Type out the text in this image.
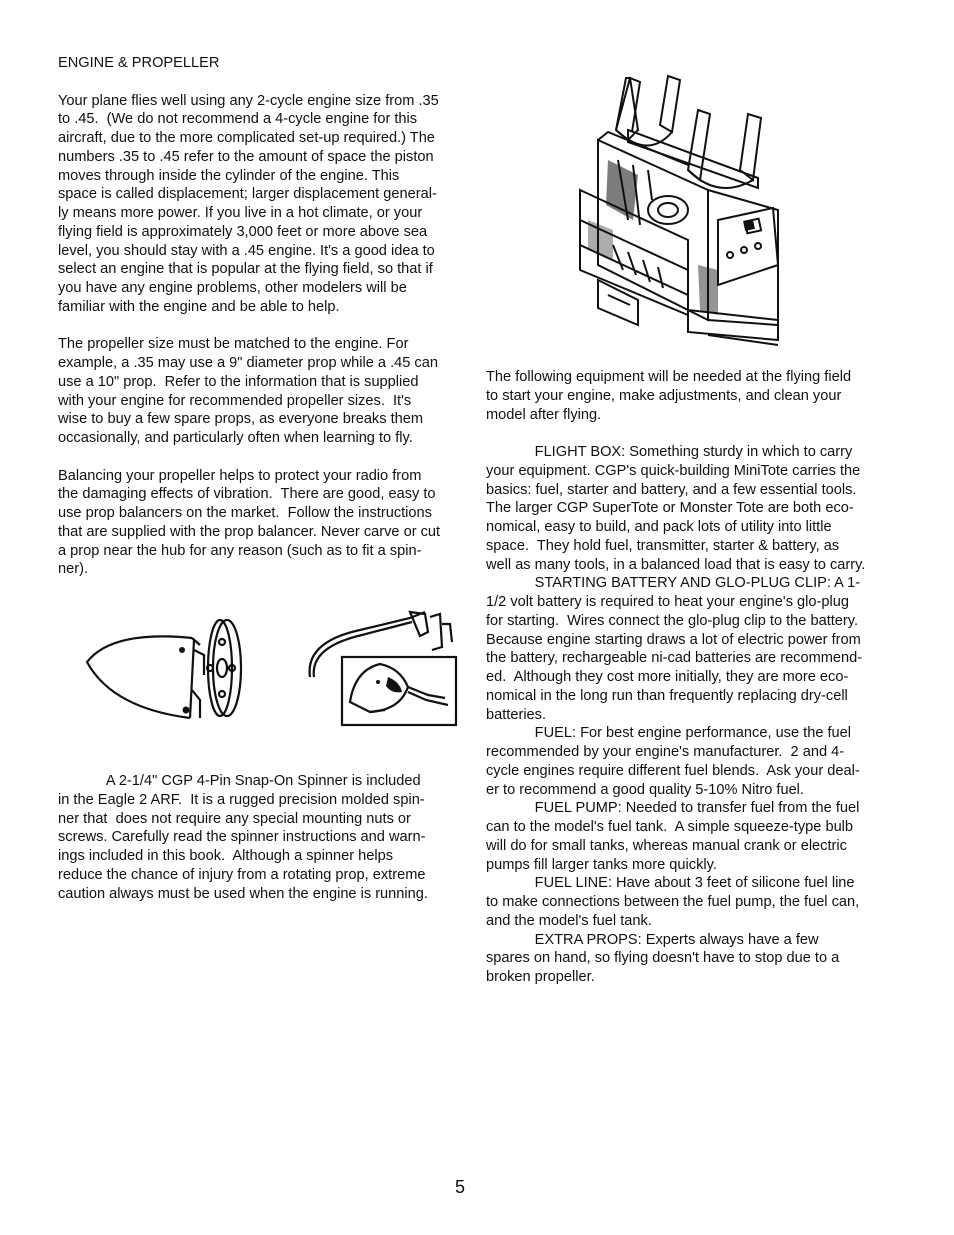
ENGINE & PROPELLER
Your plane flies well using any 2-cycle engine size from .35
to .45.  (We do not recommend a 4-cycle engine for this
aircraft, due to the more complicated set-up required.) The
numbers .35 to .45 refer to the amount of space the piston
moves through inside the cylinder of the engine. This
space is called displacement; larger displacement general-
ly means more power. If you live in a hot climate, or your
flying field is approximately 3,000 feet or more above sea
level, you should stay with a .45 engine. It's a good idea to
select an engine that is popular at the flying field, so that if
you have any engine problems, other modelers will be
familiar with the engine and be able to help.
The propeller size must be matched to the engine. For
example, a .35 may use a 9" diameter prop while a .45 can
use a 10" prop.  Refer to the information that is supplied
with your engine for recommended propeller sizes.  It's
wise to buy a few spare props, as everyone breaks them
occasionally, and particularly often when learning to fly.
Balancing your propeller helps to protect your radio from
the damaging effects of vibration.  There are good, easy to
use prop balancers on the market.  Follow the instructions
that are supplied with the prop balancer. Never carve or cut
a prop near the hub for any reason (such as to fit a spin-
ner).
A 2-1/4" CGP 4-Pin Snap-On Spinner is included
in the Eagle 2 ARF.  It is a rugged precision molded spin-
ner that  does not require any special mounting nuts or
screws. Carefully read the spinner instructions and warn-
ings included in this book.  Although a spinner helps
reduce the chance of injury from a rotating prop, extreme
caution always must be used when the engine is running.
The following equipment will be needed at the flying field
to start your engine, make adjustments, and clean your
model after flying.
FLIGHT BOX: Something sturdy in which to carry
your equipment. CGP's quick-building MiniTote carries the
basics: fuel, starter and battery, and a few essential tools.
The larger CGP SuperTote or Monster Tote are both eco-
nomical, easy to build, and pack lots of utility into little
space.  They hold fuel, transmitter, starter & battery, as
well as many tools, in a balanced load that is easy to carry.
STARTING BATTERY AND GLO-PLUG CLIP: A 1-
1/2 volt battery is required to heat your engine's glo-plug
for starting.  Wires connect the glo-plug clip to the battery.
Because engine starting draws a lot of electric power from
the battery, rechargeable ni-cad batteries are recommend-
ed.  Although they cost more initially, they are more eco-
nomical in the long run than frequently replacing dry-cell
batteries.
FUEL: For best engine performance, use the fuel
recommended by your engine's manufacturer.  2 and 4-
cycle engines require different fuel blends.  Ask your deal-
er to recommend a good quality 5-10% Nitro fuel.
FUEL PUMP: Needed to transfer fuel from the fuel
can to the model's fuel tank.  A simple squeeze-type bulb
will do for small tanks, whereas manual crank or electric
pumps fill larger tanks more quickly.
FUEL LINE: Have about 3 feet of silicone fuel line
to make connections between the fuel pump, the fuel can,
and the model's fuel tank.
EXTRA PROPS: Experts always have a few
spares on hand, so flying doesn't have to stop due to a
broken propeller.
5
